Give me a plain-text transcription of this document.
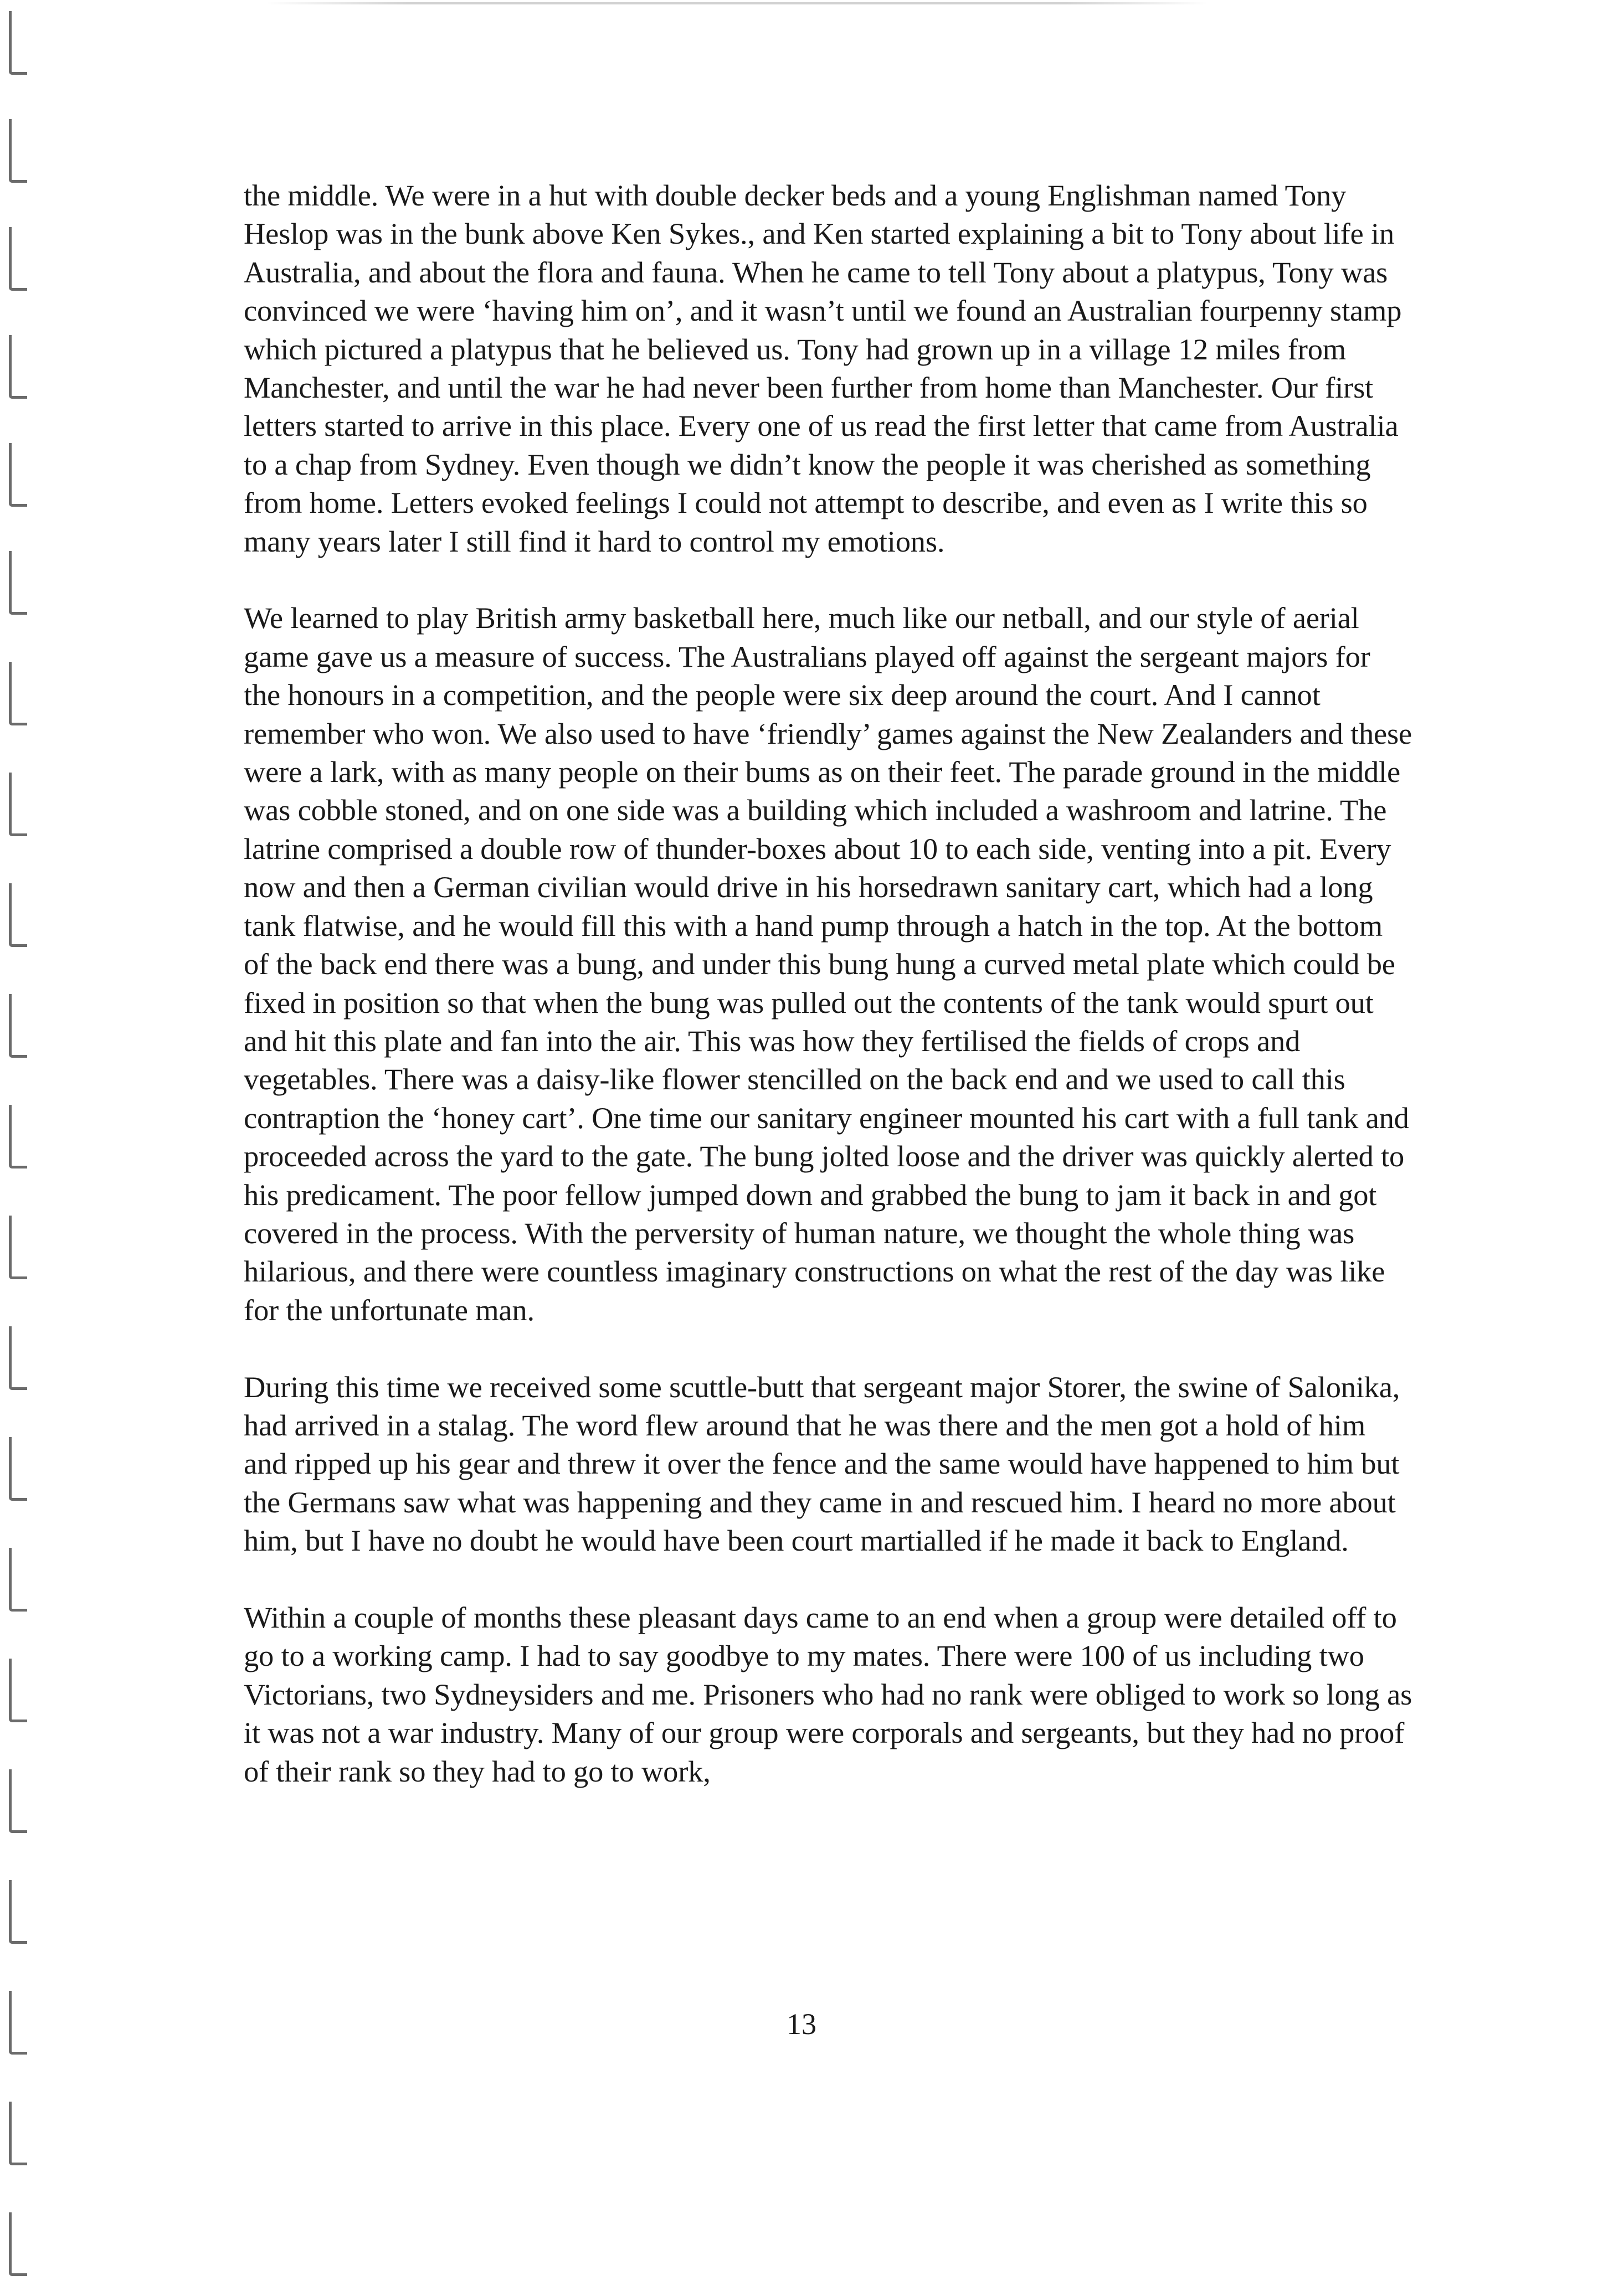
the middle. We were in a hut with double decker beds and a young Englishman named Tony Heslop was in the bunk above Ken Sykes., and Ken started explaining a bit to Tony about life in Australia, and about the flora and fauna. When he came to tell Tony about a platypus, Tony was convinced we were ‘having him on’, and it wasn’t until we found an Australian fourpenny stamp which pictured a platypus that he believed us. Tony had grown up in a village 12 miles from Manchester, and until the war he had never been further from home than Manchester. Our first letters started to arrive in this place. Every one of us read the first letter that came from Australia to a chap from Sydney. Even though we didn’t know the people it was cherished as something from home. Letters evoked feelings I could not attempt to describe, and even as I write this so many years later I still find it hard to control my emotions.

We learned to play British army basketball here, much like our netball, and our style of aerial game gave us a measure of success. The Australians played off against the sergeant majors for the honours in a competition, and the people were six deep around the court. And I cannot remember who won. We also used to have ‘friendly’ games against the New Zealanders and these were a lark, with as many people on their bums as on their feet. The parade ground in the middle was cobble stoned, and on one side was a building which included a washroom and latrine. The latrine comprised a double row of thunder-boxes about 10 to each side, venting into a pit. Every now and then a German civilian would drive in his horsedrawn sanitary cart, which had a long tank flatwise, and he would fill this with a hand pump through a hatch in the top. At the bottom of the back end there was a bung, and under this bung hung a curved metal plate which could be fixed in position so that when the bung was pulled out the contents of the tank would spurt out and hit this plate and fan into the air. This was how they fertilised the fields of crops and vegetables. There was a daisy-like flower stencilled on the back end and we used to call this contraption the ‘honey cart’. One time our sanitary engineer mounted his cart with a full tank and proceeded across the yard to the gate. The bung jolted loose and the driver was quickly alerted to his predicament. The poor fellow jumped down and grabbed the bung to jam it back in and got covered in the process. With the perversity of human nature, we thought the whole thing was hilarious, and there were countless imaginary constructions on what the rest of the day was like for the unfortunate man.

During this time we received some scuttle-butt that sergeant major Storer, the swine of Salonika, had arrived in a stalag. The word flew around that he was there and the men got a hold of him and ripped up his gear and threw it over the fence and the same would have happened to him but the Germans saw what was happening and they came in and rescued him. I heard no more about him, but I have no doubt he would have been court martialled if he made it back to England.

Within a couple of months these pleasant days came to an end when a group were detailed off to go to a working camp. I had to say goodbye to my mates. There were 100 of us including two Victorians, two Sydneysiders and me. Prisoners who had no rank were obliged to work so long as it was not a war industry. Many of our group were corporals and sergeants, but they had no proof of their rank so they had to go to work,

13
